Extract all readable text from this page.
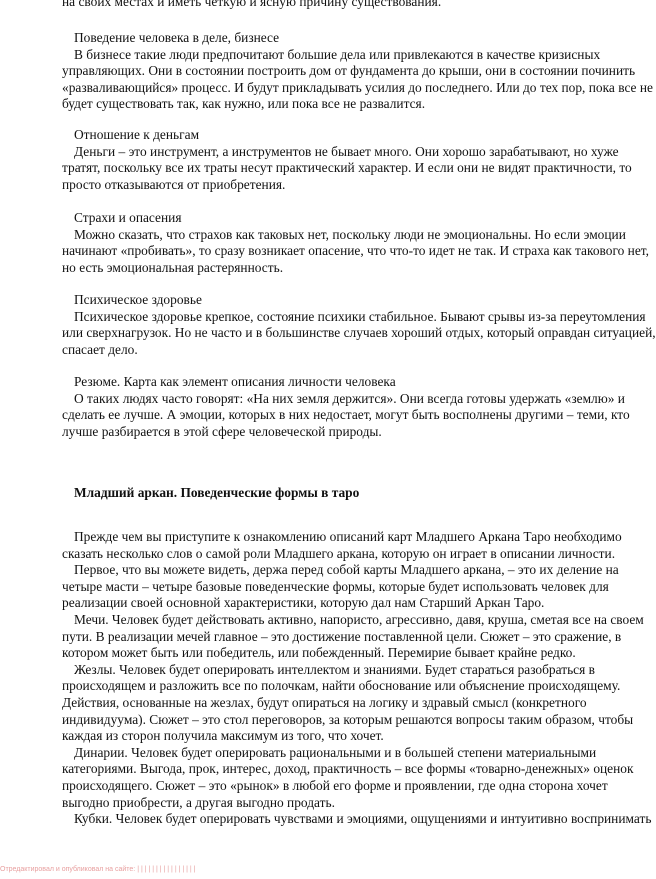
на своих местах и иметь четкую и ясную причину существования.
Поведение человека в деле, бизнесе
В бизнесе такие люди предпочитают большие дела или привлекаются в качестве кризисных
управляющих. Они в состоянии построить дом от фундамента до крыши, они в состоянии починить
«разваливающийся» процесс. И будут прикладывать усилия до последнего. Или до тех пор, пока все не
будет существовать так, как нужно, или пока все не развалится.
Отношение к деньгам
Деньги – это инструмент, а инструментов не бывает много. Они хорошо зарабатывают, но хуже
тратят, поскольку все их траты несут практический характер. И если они не видят практичности, то
просто отказываются от приобретения.
Страхи и опасения
Можно сказать, что страхов как таковых нет, поскольку люди не эмоциональны. Но если эмоции
начинают «пробивать», то сразу возникает опасение, что что-то идет не так. И страха как такового нет,
но есть эмоциональная растерянность.
Психическое здоровье
Психическое здоровье крепкое, состояние психики стабильное. Бывают срывы из-за переутомления
или сверхнагрузок. Но не часто и в большинстве случаев хороший отдых, который оправдан ситуацией,
спасает дело.
Резюме. Карта как элемент описания личности человека
О таких людях часто говорят: «На них земля держится». Они всегда готовы удержать «землю» и
сделать ее лучше. А эмоции, которых в них недостает, могут быть восполнены другими – теми, кто
лучше разбирается в этой сфере человеческой природы.
Младший аркан. Поведенческие формы в таро
Прежде чем вы приступите к ознакомлению описаний карт Младшего Аркана Таро необходимо
сказать несколько слов о самой роли Младшего аркана, которую он играет в описании личности.
Первое, что вы можете видеть, держа перед собой карты Младшего аркана, – это их деление на
четыре масти – четыре базовые поведенческие формы, которые будет использовать человек для
реализации своей основной характеристики, которую дал нам Старший Аркан Таро.
Мечи. Человек будет действовать активно, напористо, агрессивно, давя, круша, сметая все на своем
пути. В реализации мечей главное – это достижение поставленной цели. Сюжет – это сражение, в
котором может быть или победитель, или побежденный. Перемирие бывает крайне редко.
Жезлы. Человек будет оперировать интеллектом и знаниями. Будет стараться разобраться в
происходящем и разложить все по полочкам, найти обоснование или объяснение происходящему.
Действия, основанные на жезлах, будут опираться на логику и здравый смысл (конкретного
индивидуума). Сюжет – это стол переговоров, за которым решаются вопросы таким образом, чтобы
каждая из сторон получила максимум из того, что хочет.
Динарии. Человек будет оперировать рациональными и в большей степени материальными
категориями. Выгода, прок, интерес, доход, практичность – все формы «товарно-денежных» оценок
происходящего. Сюжет – это «рынок» в любой его форме и проявлении, где одна сторона хочет
выгодно приобрести, а другая выгодно продать.
Кубки. Человек будет оперировать чувствами и эмоциями, ощущениями и интуитивно воспринимать
Отредактировал и опубликовал на сайте: | | | | | | | | | | | | | | | |
